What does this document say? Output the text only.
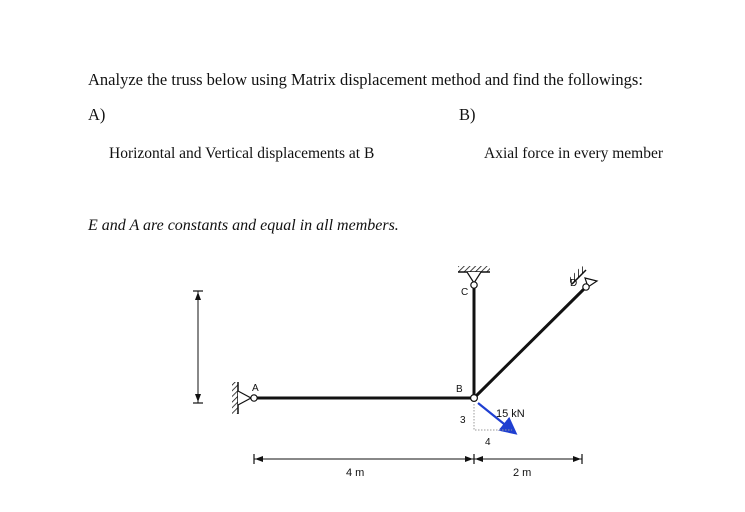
Analyze the truss below using Matrix displacement method and find the followings:
A)	B)
Horizontal and Vertical displacements at B	Axial force in every member
E and A are constants and equal in all members.
A	B
C
D
15 kN
3
4
4 m	2 m
